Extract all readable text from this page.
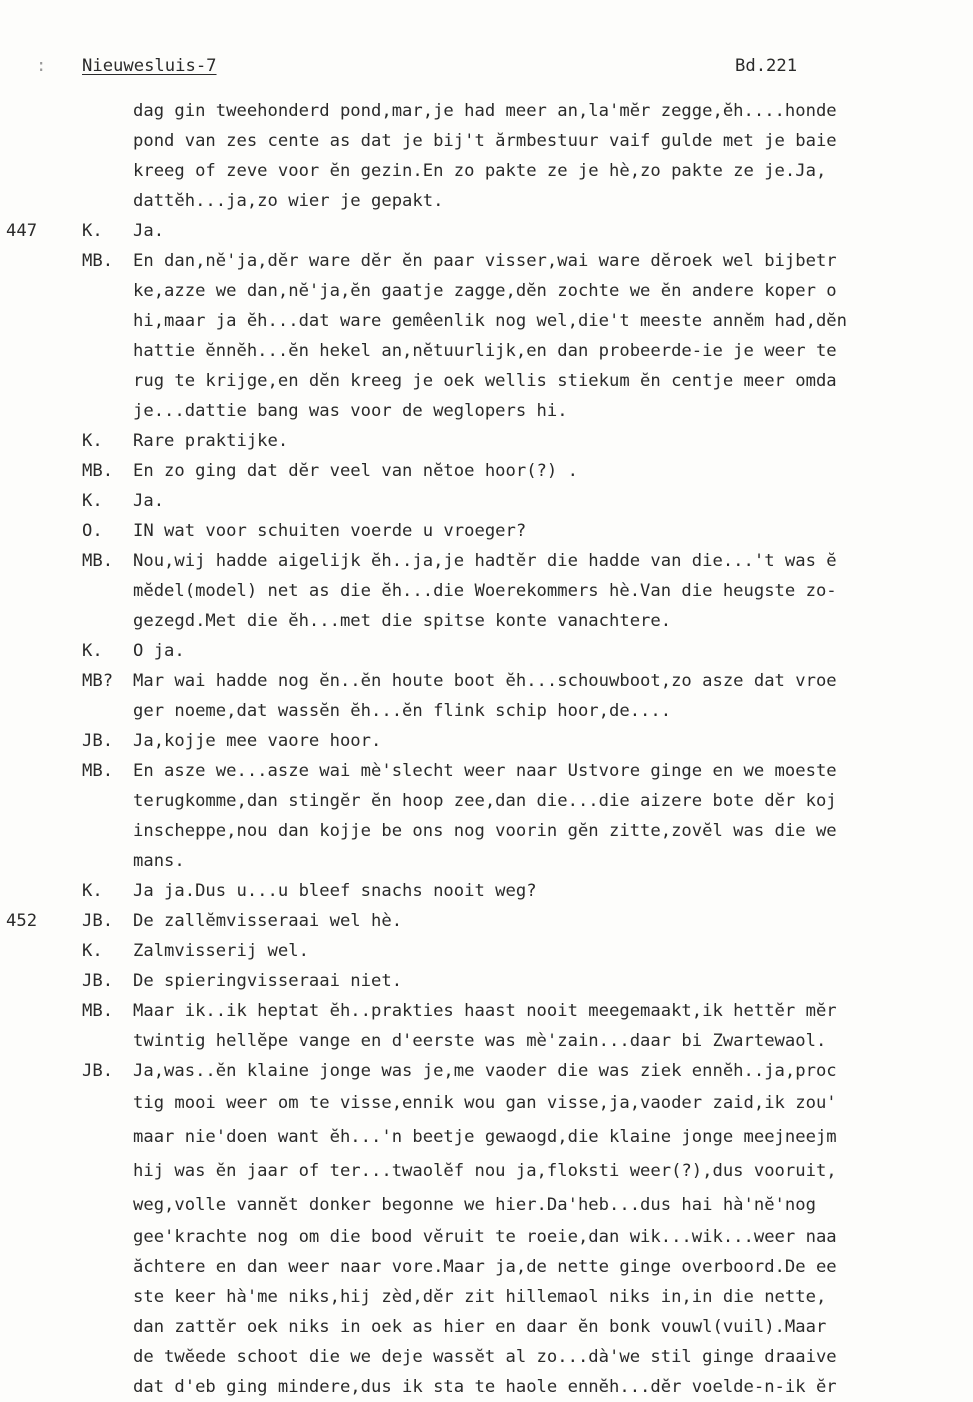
: Nieuwesluis-7	Bd.221
dag gin tweehonderd pond,mar,je had meer an,la'mĕr zegge,ĕh....honde
pond van zes cente as dat je bij't ărmbestuur vaif gulde met je baie
kreeg of zeve voor ĕn gezin.En zo pakte ze je hè,zo pakte ze je.Ja,
dattĕh...ja,zo wier je gepakt.
447	K. Ja.
MB. En dan,nĕ'ja,dĕr ware dĕr ĕn paar visser,wai ware dĕroek wel bijbetr
ke,azze we dan,nĕ'ja,ĕn gaatje zagge,dĕn zochte we ĕn andere koper o
hi,maar ja ĕh...dat ware gemêenlik nog wel,die't meeste annĕm had,dĕn
hattie ĕnnĕh...ĕn hekel an,nĕtuurlijk,en dan probeerde-ie je weer te
rug te krijge,en dĕn kreeg je oek wellis stiekum ĕn centje meer omda
je...dattie bang was voor de weglopers hi.
K. Rare praktijke.
MB. En zo ging dat dĕr veel van nĕtoe hoor(?) .
K. Ja.
O. IN wat voor schuiten voerde u vroeger?
MB. Nou,wij hadde aigelijk ĕh..ja,je hadtĕr die hadde van die...'t was ĕ
mĕdel(model) net as die ĕh...die Woerekommers hè.Van die heugste zo-
gezegd.Met die ĕh...met die spitse konte vanachtere.
K. O ja.
MB? Mar wai hadde nog ĕn..ĕn houte boot ĕh...schouwboot,zo asze dat vroe
ger noeme,dat wassĕn ĕh...ĕn flink schip hoor,de....
JB. Ja,kojje mee vaore hoor.
MB. En asze we...asze wai mè'slecht weer naar Ustvore ginge en we moeste
terugkomme,dan stingĕr ĕn hoop zee,dan die...die aizere bote dĕr koj
inscheppe,nou dan kojje be ons nog voorin gĕn zitte,zovĕl was die we
mans.
K. Ja ja.Dus u...u bleef snachs nooit weg?
452	JB. De zallĕmvisseraai wel hè.
K. Zalmvisserij wel.
JB. De spieringvisseraai niet.
MB. Maar ik..ik heptat ĕh..prakties haast nooit meegemaakt,ik hettĕr mĕr
twintig hellĕpe vange en d'eerste was mè'zain...daar bi Zwartewaol.
JB. Ja,was..ĕn klaine jonge was je,me vaoder die was ziek ennĕh..ja,proc
tig mooi weer om te visse,ennik wou gan visse,ja,vaoder zaid,ik zou'
maar nie'doen want ĕh...'n beetje gewaogd,die klaine jonge meejneejm
hij was ĕn jaar of ter...twaolĕf nou ja,floksti weer(?),dus vooruit,
weg,volle vannĕt donker begonne we hier.Da'heb...dus hai hà'nĕ'nog
gee'krachte nog om die bood vĕruit te roeie,dan wik...wik...weer naa
ăchtere en dan weer naar vore.Maar ja,de nette ginge overboord.De ee
ste keer hà'me niks,hij zèd,dĕr zit hillemaol niks in,in die nette,
dan zattĕr oek niks in oek as hier en daar ĕn bonk vouwl(vuil).Maar
de twĕede schoot die we deje wassĕt al zo...dà'we stil ginge draaive
dat d'eb ging mindere,dus ik sta te haole ennĕh...dĕr voelde-n-ik ĕr
